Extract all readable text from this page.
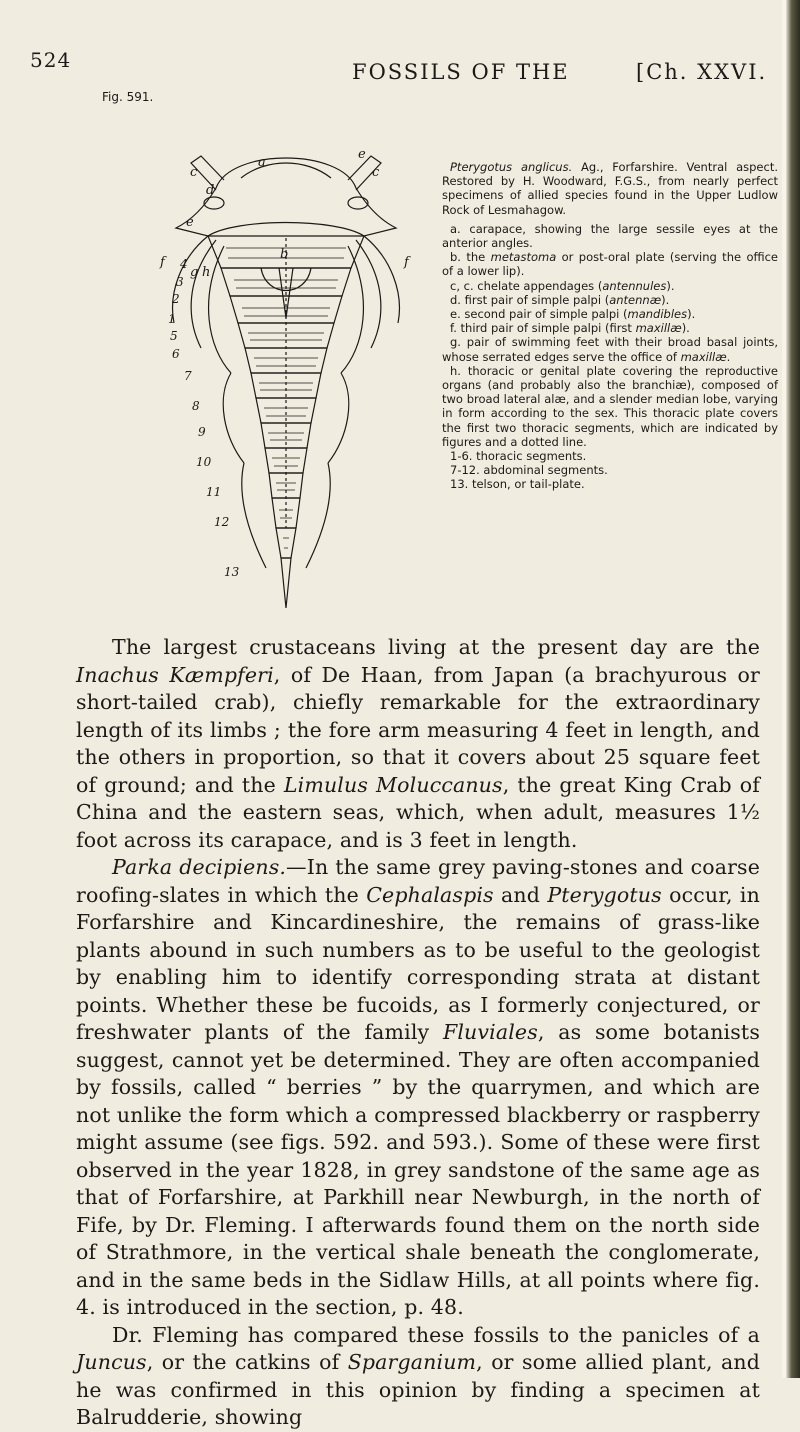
524	FOSSILS OF THE	[Ch. XXVI.
Fig. 591.
a
b
c	c
d
e
e
f	f
g h
1
2
3
4
5
6
7
8
9
10
11
12
13

Pterygotus anglicus. Ag., Forfarshire. Ventral aspect. Restored by H. Woodward, F.G.S., from nearly perfect specimens of allied species found in the Upper Ludlow Rock of Lesmahagow.

a. carapace, showing the large sessile eyes at the anterior angles.

b. the metastoma or post-oral plate (serving the office of a lower lip).

c, c. chelate appendages (antennules).

d. first pair of simple palpi (antennæ).

e. second pair of simple palpi (mandibles).

f. third pair of simple palpi (first maxillæ).

g. pair of swimming feet with their broad basal joints, whose serrated edges serve the office of maxillæ.

h. thoracic or genital plate covering the reproductive organs (and probably also the branchiæ), composed of two broad lateral alæ, and a slender median lobe, varying in form according to the sex. This thoracic plate covers the first two thoracic segments, which are indicated by figures and a dotted line.

1-6. thoracic segments.

7-12. abdominal segments.

13. telson, or tail-plate.

The largest crustaceans living at the present day are the Inachus Kæmpferi, of De Haan, from Japan (a brachyurous or short-tailed crab), chiefly remarkable for the extraordinary length of its limbs ; the fore arm measuring 4 feet in length, and the others in proportion, so that it covers about 25 square feet of ground; and the Limulus Moluccanus, the great King Crab of China and the eastern seas, which, when adult, measures 1½ foot across its carapace, and is 3 feet in length.

Parka decipiens.—In the same grey paving-stones and coarse roofing-slates in which the Cephalaspis and Pterygotus occur, in Forfarshire and Kincardineshire, the remains of grass-like plants abound in such numbers as to be useful to the geologist by enabling him to identify corresponding strata at distant points. Whether these be fucoids, as I formerly conjectured, or freshwater plants of the family Fluviales, as some botanists suggest, cannot yet be determined. They are often accompanied by fossils, called “ berries ” by the quarrymen, and which are not unlike the form which a compressed blackberry or raspberry might assume (see figs. 592. and 593.). Some of these were first observed in the year 1828, in grey sandstone of the same age as that of Forfarshire, at Parkhill near Newburgh, in the north of Fife, by Dr. Fleming. I afterwards found them on the north side of Strathmore, in the vertical shale beneath the conglomerate, and in the same beds in the Sidlaw Hills, at all points where fig. 4. is introduced in the section, p. 48.

Dr. Fleming has compared these fossils to the panicles of a Juncus, or the catkins of Sparganium, or some allied plant, and he was confirmed in this opinion by finding a specimen at Balrudderie, showing
